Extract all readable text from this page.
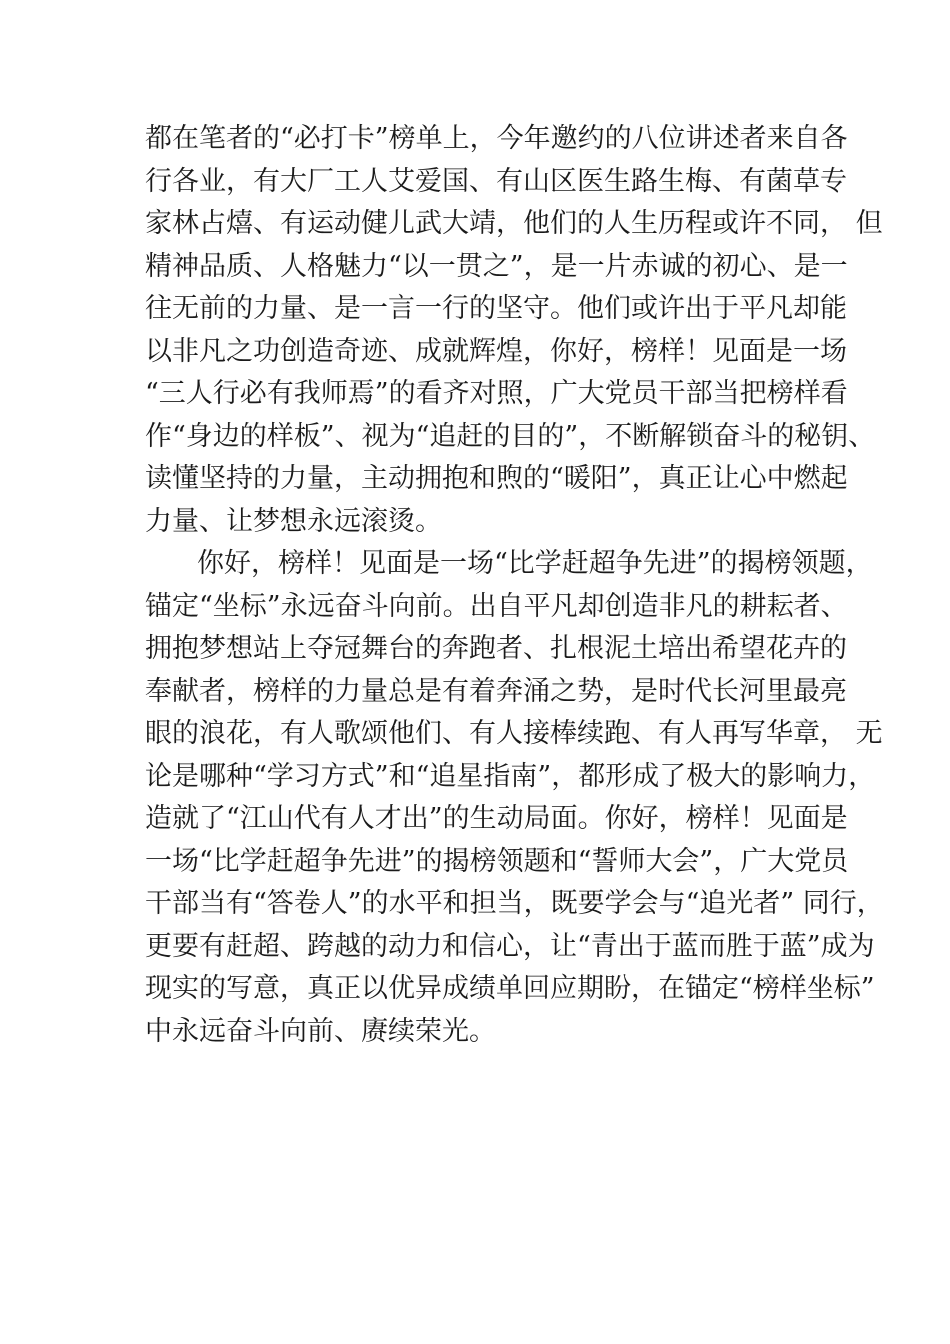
都在笔者的“必打卡”榜单上，今年邀约的八位讲述者来自各
行各业，有大厂工人艾爱国、有山区医生路生梅、有菌草专
家林占熺、有运动健儿武大靖，他们的人生历程或许不同， 但
精神品质、人格魅力“以一贯之”，是一片赤诚的初心、是一
往无前的力量、是一言一行的坚守。他们或许出于平凡却能
以非凡之功创造奇迹、成就辉煌，你好，榜样！见面是一场
“三人行必有我师焉”的看齐对照，广大党员干部当把榜样看
作“身边的样板”、视为“追赶的目的”，不断解锁奋斗的秘钥、
读懂坚持的力量，主动拥抱和煦的“暖阳”，真正让心中燃起
力量、让梦想永远滚烫。
你好，榜样！见面是一场“比学赶超争先进”的揭榜领题，
锚定“坐标”永远奋斗向前。出自平凡却创造非凡的耕耘者、
拥抱梦想站上夺冠舞台的奔跑者、扎根泥土培出希望花卉的
奉献者，榜样的力量总是有着奔涌之势，是时代长河里最亮
眼的浪花，有人歌颂他们、有人接棒续跑、有人再写华章， 无
论是哪种“学习方式”和“追星指南”，都形成了极大的影响力，
造就了“江山代有人才出”的生动局面。你好，榜样！见面是
一场“比学赶超争先进”的揭榜领题和“誓师大会”，广大党员
干部当有“答卷人”的水平和担当，既要学会与“追光者” 同行，
更要有赶超、跨越的动力和信心，让“青出于蓝而胜于蓝”成为
现实的写意，真正以优异成绩单回应期盼，在锚定“榜样坐标”
中永远奋斗向前、赓续荣光。
